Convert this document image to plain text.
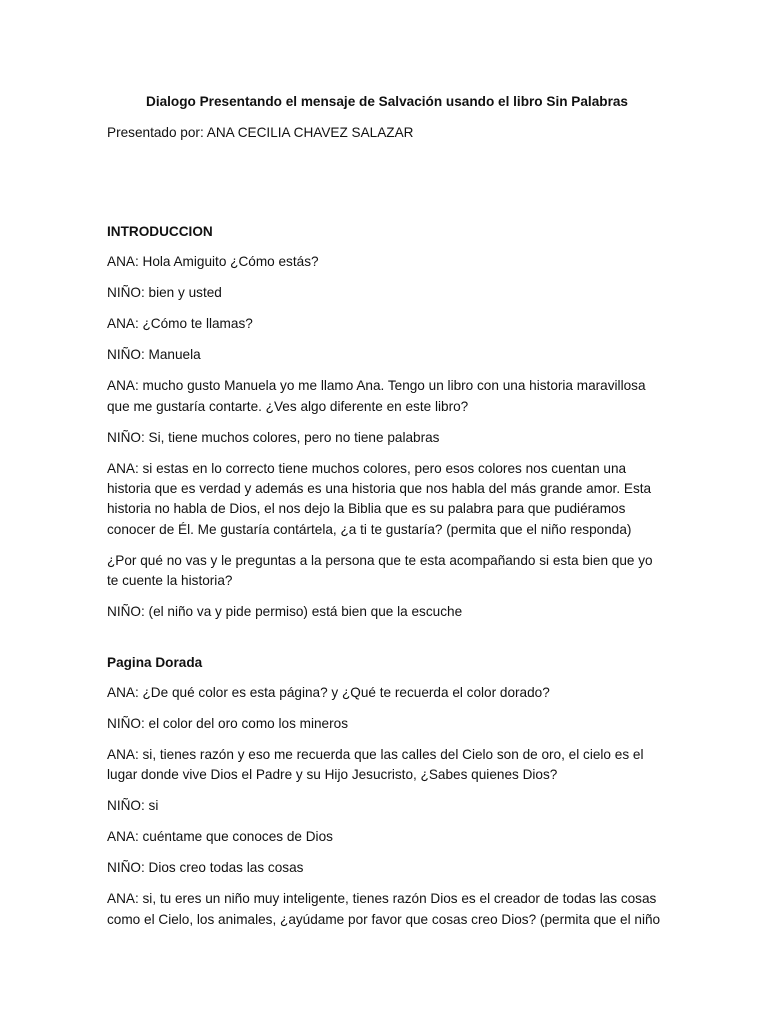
Dialogo Presentando el mensaje de Salvación usando el libro Sin Palabras

Presentado por: ANA CECILIA CHAVEZ SALAZAR

INTRODUCCION

ANA: Hola Amiguito ¿Cómo estás?

NIÑO: bien y usted

ANA: ¿Cómo te llamas?

NIÑO: Manuela

ANA: mucho gusto Manuela yo me llamo Ana. Tengo un libro con una historia maravillosa que me gustaría contarte. ¿Ves algo diferente en este libro?

NIÑO: Si, tiene muchos colores, pero no tiene palabras

ANA: si estas en lo correcto tiene muchos colores, pero esos colores nos cuentan una historia que es verdad y además es una historia que nos habla del más grande amor. Esta historia no habla de Dios, el nos dejo la Biblia que es su palabra para que pudiéramos conocer de Él. Me gustaría contártela, ¿a ti te gustaría? (permita que el niño responda)

¿Por qué no vas y le preguntas a la persona que te esta acompañando si esta bien que yo te cuente la historia?

NIÑO: (el niño va y pide permiso) está bien que la escuche

Pagina Dorada

ANA: ¿De qué color es esta página? y ¿Qué te recuerda el color dorado?

NIÑO: el color del oro como los mineros

ANA: si, tienes razón y eso me recuerda que las calles del Cielo son de oro, el cielo es el lugar donde vive Dios el Padre y su Hijo Jesucristo, ¿Sabes quienes Dios?

NIÑO: si

ANA: cuéntame que conoces de Dios

NIÑO: Dios creo todas las cosas

ANA: si, tu eres un niño muy inteligente, tienes razón Dios es el creador de todas las cosas como el Cielo, los animales, ¿ayúdame por favor que cosas creo Dios? (permita que el niño
